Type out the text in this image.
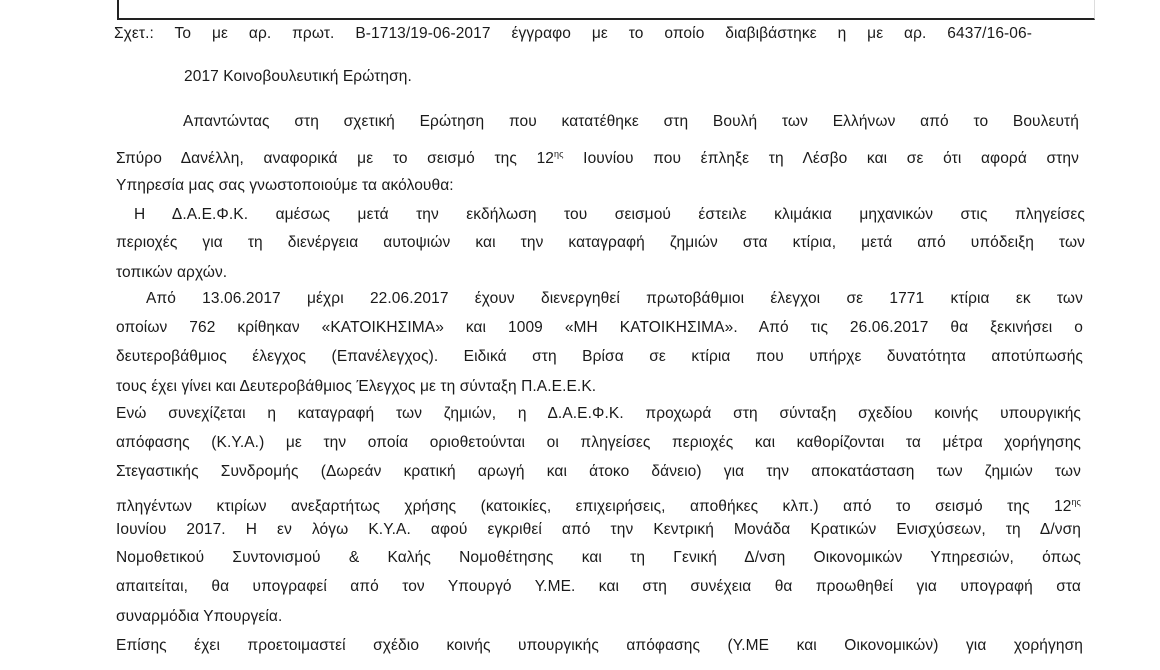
Σχετ.: Το με αρ. πρωτ. Β-1713/19-06-2017 έγγραφο με το οποίο διαβιβάστηκε η με αρ. 6437/16-06-
2017 Κοινοβουλευτική Ερώτηση.
Απαντώντας στη σχετική Ερώτηση που κατατέθηκε στη Βουλή των Ελλήνων από το Βουλευτή
Σπύρο Δανέλλη, αναφορικά με το σεισμό της $12^{\eta\varsigma}$ Ιουνίου που έπληξε τη Λέσβο και σε ότι αφορά στην
Υπηρεσία μας σας γνωστοποιούμε τα ακόλουθα:
Η Δ.Α.Ε.Φ.Κ. αμέσως μετά την εκδήλωση του σεισμού έστειλε κλιμάκια μηχανικών στις πληγείσες
περιοχές για τη διενέργεια αυτοψιών και την καταγραφή ζημιών στα κτίρια, μετά από υπόδειξη των
τοπικών αρχών.
Από 13.06.2017 μέχρι 22.06.2017 έχουν διενεργηθεί πρωτοβάθμιοι έλεγχοι σε 1771 κτίρια εκ των
οποίων 762 κρίθηκαν «ΚΑΤΟΙΚΗΣΙΜΑ» και 1009 «ΜΗ ΚΑΤΟΙΚΗΣΙΜΑ». Από τις 26.06.2017 θα ξεκινήσει ο
δευτεροβάθμιος έλεγχος (Επανέλεγχος). Ειδικά στη Βρίσα σε κτίρια που υπήρχε δυνατότητα αποτύπωσής
τους έχει γίνει και Δευτεροβάθμιος Έλεγχος με τη σύνταξη Π.Α.Ε.Ε.Κ.
Ενώ συνεχίζεται η καταγραφή των ζημιών, η Δ.Α.Ε.Φ.Κ. προχωρά στη σύνταξη σχεδίου κοινής υπουργικής
απόφασης (Κ.Υ.Α.) με την οποία οριοθετούνται οι πληγείσες περιοχές και καθορίζονται τα μέτρα χορήγησης
Στεγαστικής Συνδρομής (Δωρεάν κρατική αρωγή και άτοκο δάνειο) για την αποκατάσταση των ζημιών των
πληγέντων κτιρίων ανεξαρτήτως χρήσης (κατοικίες, επιχειρήσεις, αποθήκες κλπ.) από το σεισμό της $12^{\eta\varsigma}$
Ιουνίου 2017. Η εν λόγω Κ.Υ.Α. αφού εγκριθεί από την Κεντρική Μονάδα Κρατικών Ενισχύσεων, τη Δ/νση
Νομοθετικού Συντονισμού & Καλής Νομοθέτησης και τη Γενική Δ/νση Οικονομικών Υπηρεσιών, όπως
απαιτείται, θα υπογραφεί από τον Υπουργό Υ.ΜΕ. και στη συνέχεια θα προωθηθεί για υπογραφή στα
συναρμόδια Υπουργεία.
Επίσης έχει προετοιμαστεί σχέδιο κοινής υπουργικής απόφασης (Υ.ΜΕ και Οικονομικών) για χορήγηση
